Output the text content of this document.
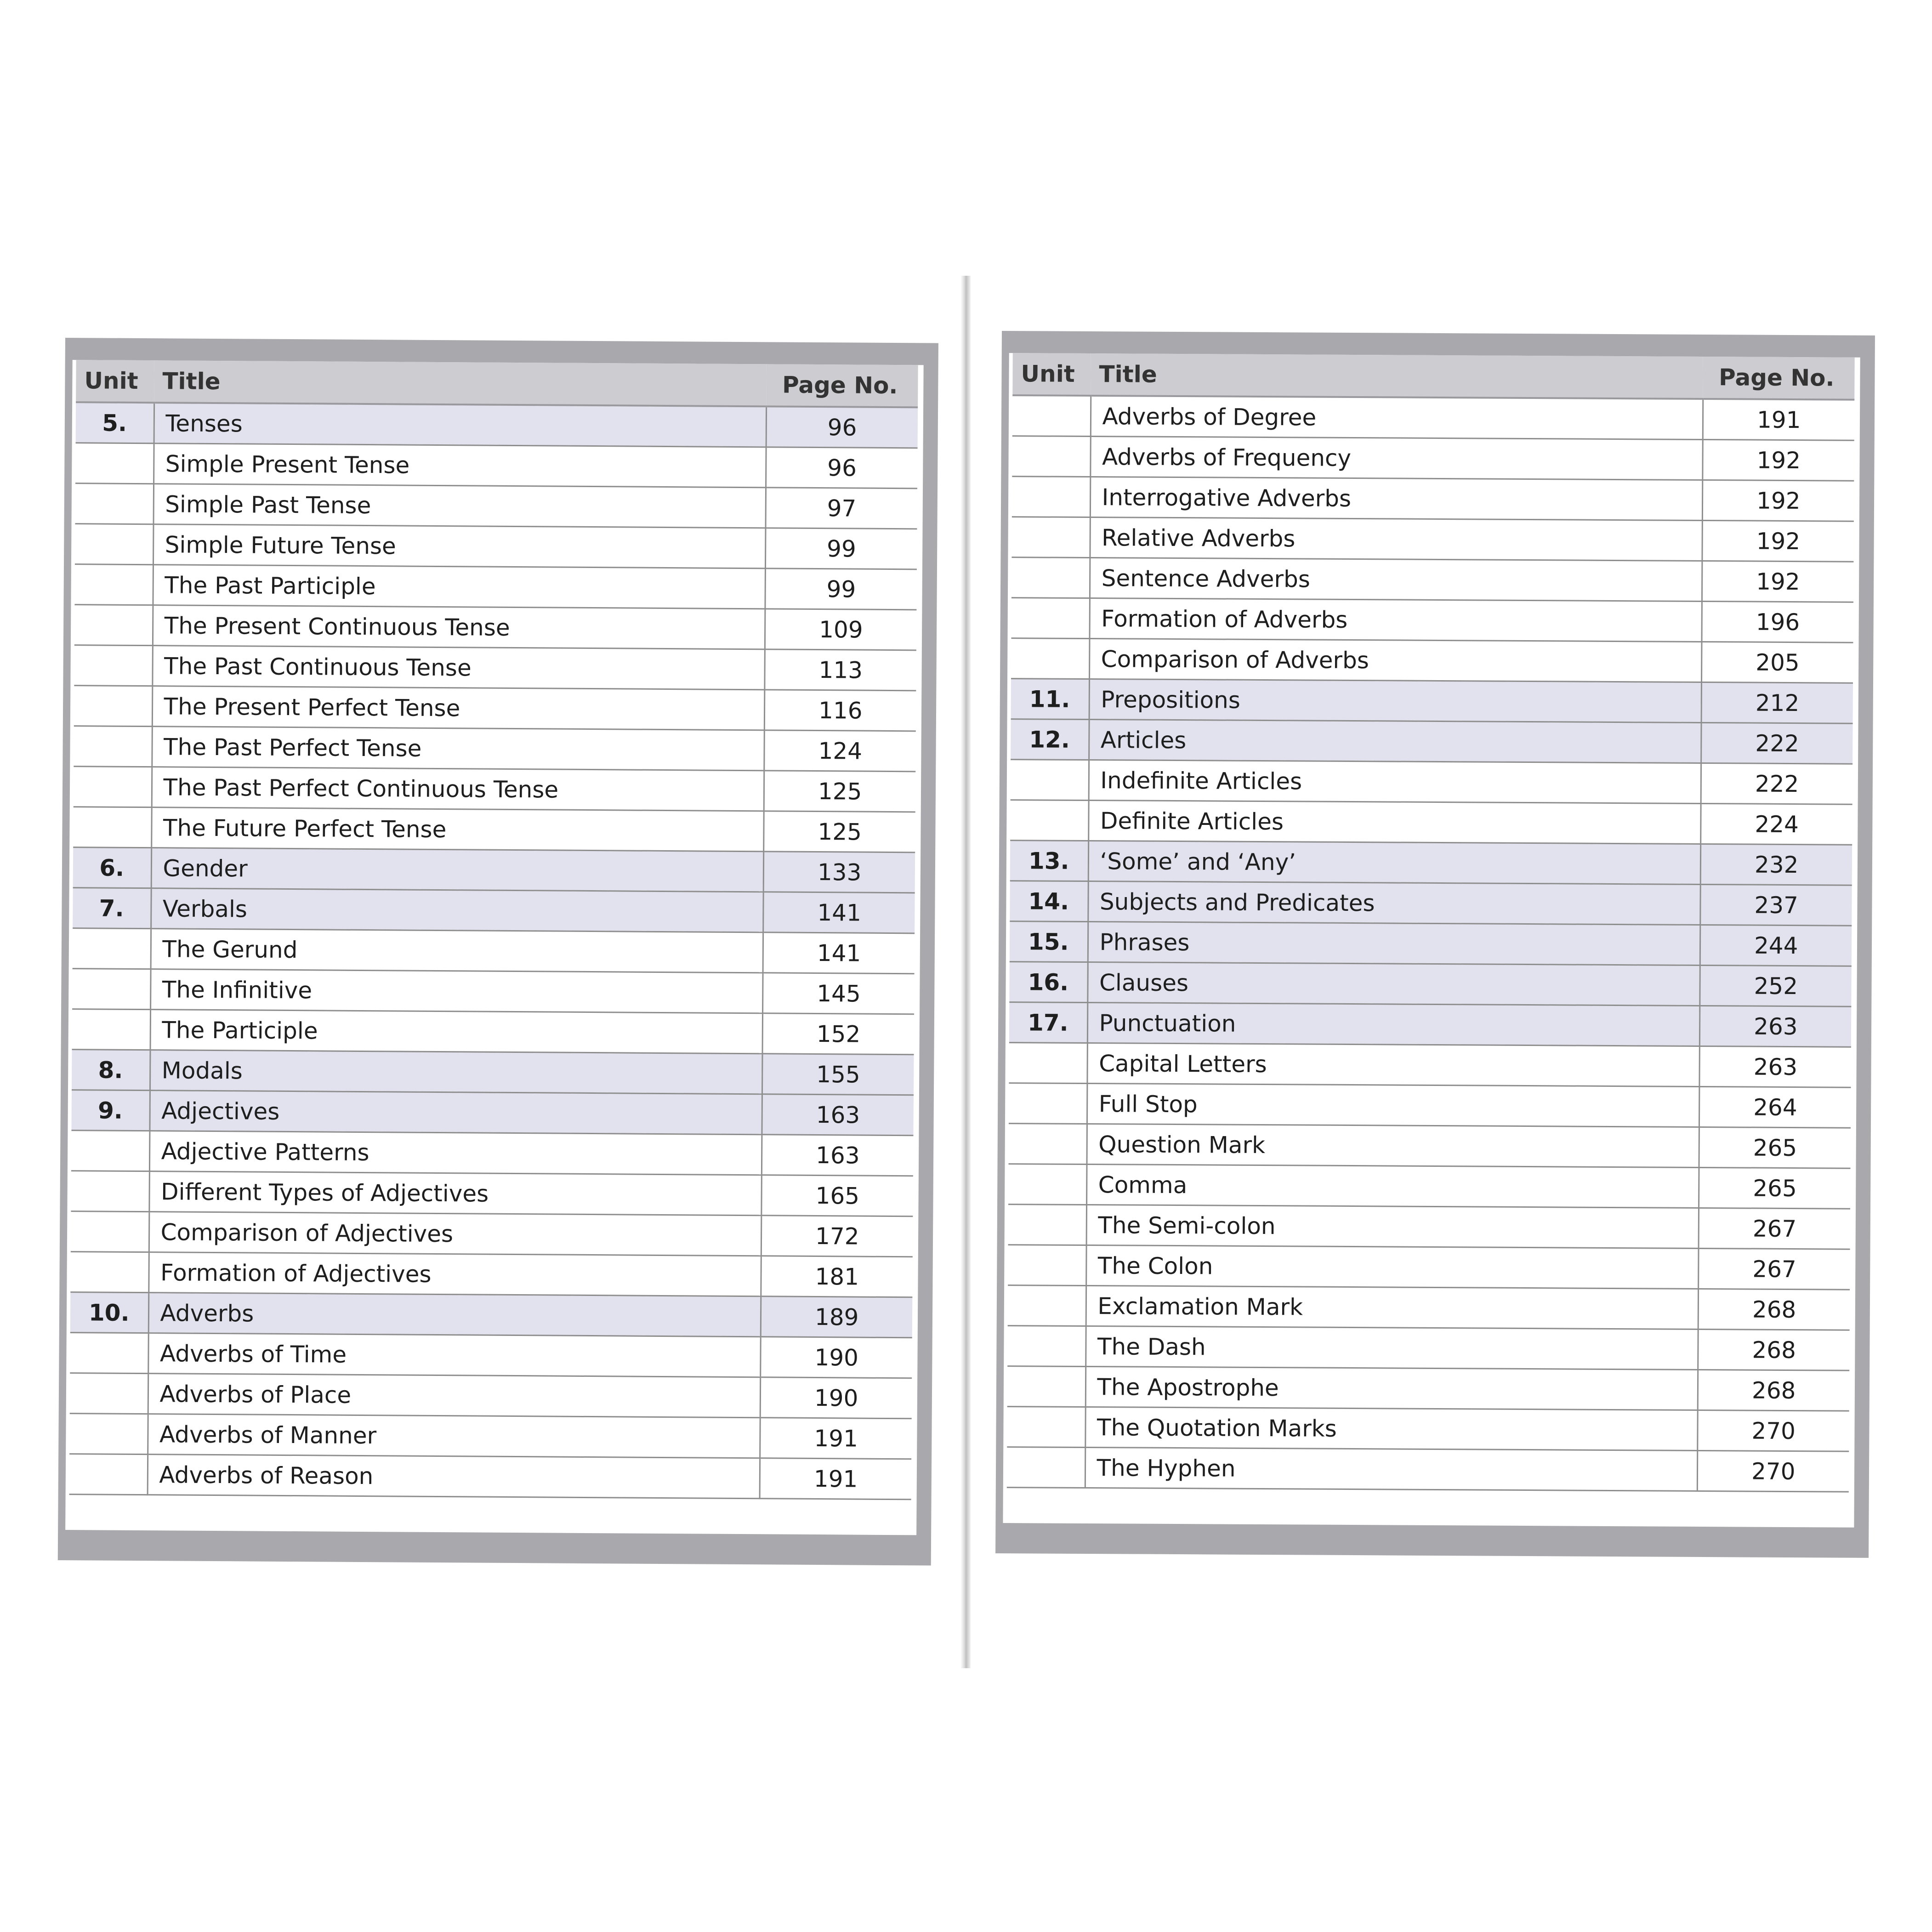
Unit	Title	Page No.
5.	Tenses	96
	Simple Present Tense	96
	Simple Past Tense	97
	Simple Future Tense	99
	The Past Participle	99
	The Present Continuous Tense	109
	The Past Continuous Tense	113
	The Present Perfect Tense	116
	The Past Perfect Tense	124
	The Past Perfect Continuous Tense	125
	The Future Perfect Tense	125
6.	Gender	133
7.	Verbals	141
	The Gerund	141
	The Infinitive	145
	The Participle	152
8.	Modals	155
9.	Adjectives	163
	Adjective Patterns	163
	Different Types of Adjectives	165
	Comparison of Adjectives	172
	Formation of Adjectives	181
10.	Adverbs	189
	Adverbs of Time	190
	Adverbs of Place	190
	Adverbs of Manner	191
	Adverbs of Reason	191
Unit	Title	Page No.
	Adverbs of Degree	191
	Adverbs of Frequency	192
	Interrogative Adverbs	192
	Relative Adverbs	192
	Sentence Adverbs	192
	Formation of Adverbs	196
	Comparison of Adverbs	205
11.	Prepositions	212
12.	Articles	222
	Indefinite Articles	222
	Definite Articles	224
13.	‘Some’ and ‘Any’	232
14.	Subjects and Predicates	237
15.	Phrases	244
16.	Clauses	252
17.	Punctuation	263
	Capital Letters	263
	Full Stop	264
	Question Mark	265
	Comma	265
	The Semi-colon	267
	The Colon	267
	Exclamation Mark	268
	The Dash	268
	The Apostrophe	268
	The Quotation Marks	270
	The Hyphen	270
